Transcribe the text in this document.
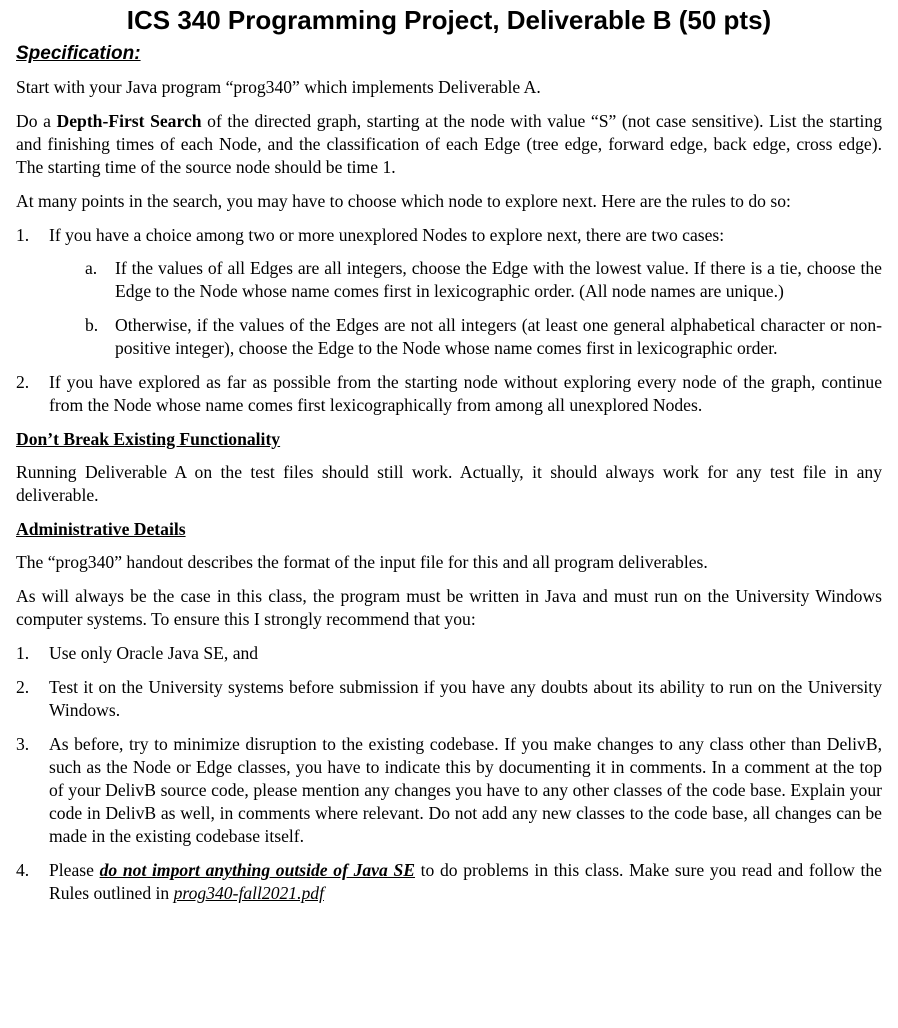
ICS 340 Programming Project, Deliverable B (50 pts)
Specification:

Start with your Java program “prog340” which implements Deliverable A.

Do a Depth-First Search of the directed graph, starting at the node with value “S” (not case sensitive). List the starting and finishing times of each Node, and the classification of each Edge (tree edge, forward edge, back edge, cross edge). The starting time of the source node should be time 1.

At many points in the search, you may have to choose which node to explore next. Here are the rules to do so:

1.	If you have a choice among two or more unexplored Nodes to explore next, there are two cases:
a.	If the values of all Edges are all integers, choose the Edge with the lowest value. If there is a tie, choose the Edge to the Node whose name comes first in lexicographic order. (All node names are unique.)
b. Otherwise, if the values of the Edges are not all integers (at least one general alphabetical character or non-positive integer), choose the Edge to the Node whose name comes first in lexicographic order.
2.	If you have explored as far as possible from the starting node without exploring every node of the graph, continue from the Node whose name comes first lexicographically from among all unexplored Nodes.
Don’t Break Existing Functionality

Running Deliverable A on the test files should still work. Actually, it should always work for any test file in any deliverable.

Administrative Details

The “prog340” handout describes the format of the input file for this and all program deliverables.

As will always be the case in this class, the program must be written in Java and must run on the University Windows computer systems. To ensure this I strongly recommend that you:

1.	Use only Oracle Java SE, and
2.	Test it on the University systems before submission if you have any doubts about its ability to run on the University Windows.
3.	As before, try to minimize disruption to the existing codebase. If you make changes to any class other than DelivB, such as the Node or Edge classes, you have to indicate this by documenting it in comments. In a comment at the top of your DelivB source code, please mention any changes you have to any other classes of the code base. Explain your code in DelivB as well, in comments where relevant. Do not add any new classes to the code base, all changes can be made in the existing codebase itself.
4.	Please do not import anything outside of Java SE to do problems in this class. Make sure you read and follow the Rules outlined in prog340-fall2021.pdf
